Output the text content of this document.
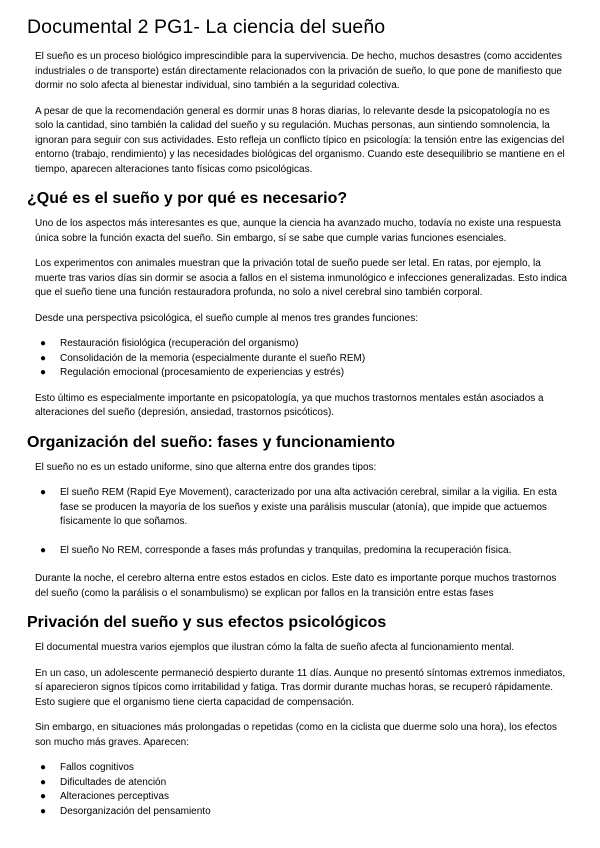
Documental 2 PG1- La ciencia del sueño

El sueño es un proceso biológico imprescindible para la supervivencia. De hecho, muchos desastres (como accidentes industriales o de transporte) están directamente relacionados con la privación de sueño, lo que pone de manifiesto que dormir no solo afecta al bienestar individual, sino también a la seguridad colectiva.

A pesar de que la recomendación general es dormir unas 8 horas diarias, lo relevante desde la psicopatología no es solo la cantidad, sino también la calidad del sueño y su regulación. Muchas personas, aun sintiendo somnolencia, la ignoran para seguir con sus actividades. Esto refleja un conflicto típico en psicología: la tensión entre las exigencias del entorno (trabajo, rendimiento) y las necesidades biológicas del organismo. Cuando este desequilibrio se mantiene en el tiempo, aparecen alteraciones tanto físicas como psicológicas.

¿Qué es el sueño y por qué es necesario?

Uno de los aspectos más interesantes es que, aunque la ciencia ha avanzado mucho, todavía no existe una respuesta única sobre la función exacta del sueño. Sin embargo, sí se sabe que cumple varias funciones esenciales.

Los experimentos con animales muestran que la privación total de sueño puede ser letal. En ratas, por ejemplo, la muerte tras varios días sin dormir se asocia a fallos en el sistema inmunológico e infecciones generalizadas. Esto indica que el sueño tiene una función restauradora profunda, no solo a nivel cerebral sino también corporal.

Desde una perspectiva psicológica, el sueño cumple al menos tres grandes funciones:

● Restauración fisiológica (recuperación del organismo)
● Consolidación de la memoria (especialmente durante el sueño REM)
● Regulación emocional (procesamiento de experiencias y estrés)

Esto último es especialmente importante en psicopatología, ya que muchos trastornos mentales están asociados a alteraciones del sueño (depresión, ansiedad, trastornos psicóticos).

Organización del sueño: fases y funcionamiento

El sueño no es un estado uniforme, sino que alterna entre dos grandes tipos:

● El sueño REM (Rapid Eye Movement), caracterizado por una alta activación cerebral, similar a la vigilia. En esta fase se producen la mayoría de los sueños y existe una parálisis muscular (atonía), que impide que actuemos físicamente lo que soñamos.
● El sueño No REM, corresponde a fases más profundas y tranquilas, predomina la recuperación física.

Durante la noche, el cerebro alterna entre estos estados en ciclos. Este dato es importante porque muchos trastornos del sueño (como la parálisis o el sonambulismo) se explican por fallos en la transición entre estas fases

Privación del sueño y sus efectos psicológicos

El documental muestra varios ejemplos que ilustran cómo la falta de sueño afecta al funcionamiento mental.

En un caso, un adolescente permaneció despierto durante 11 días. Aunque no presentó síntomas extremos inmediatos, sí aparecieron signos típicos como irritabilidad y fatiga. Tras dormir durante muchas horas, se recuperó rápidamente. Esto sugiere que el organismo tiene cierta capacidad de compensación.

Sin embargo, en situaciones más prolongadas o repetidas (como en la ciclista que duerme solo una hora), los efectos son mucho más graves. Aparecen:

● Fallos cognitivos
● Dificultades de atención
● Alteraciones perceptivas
● Desorganización del pensamiento
